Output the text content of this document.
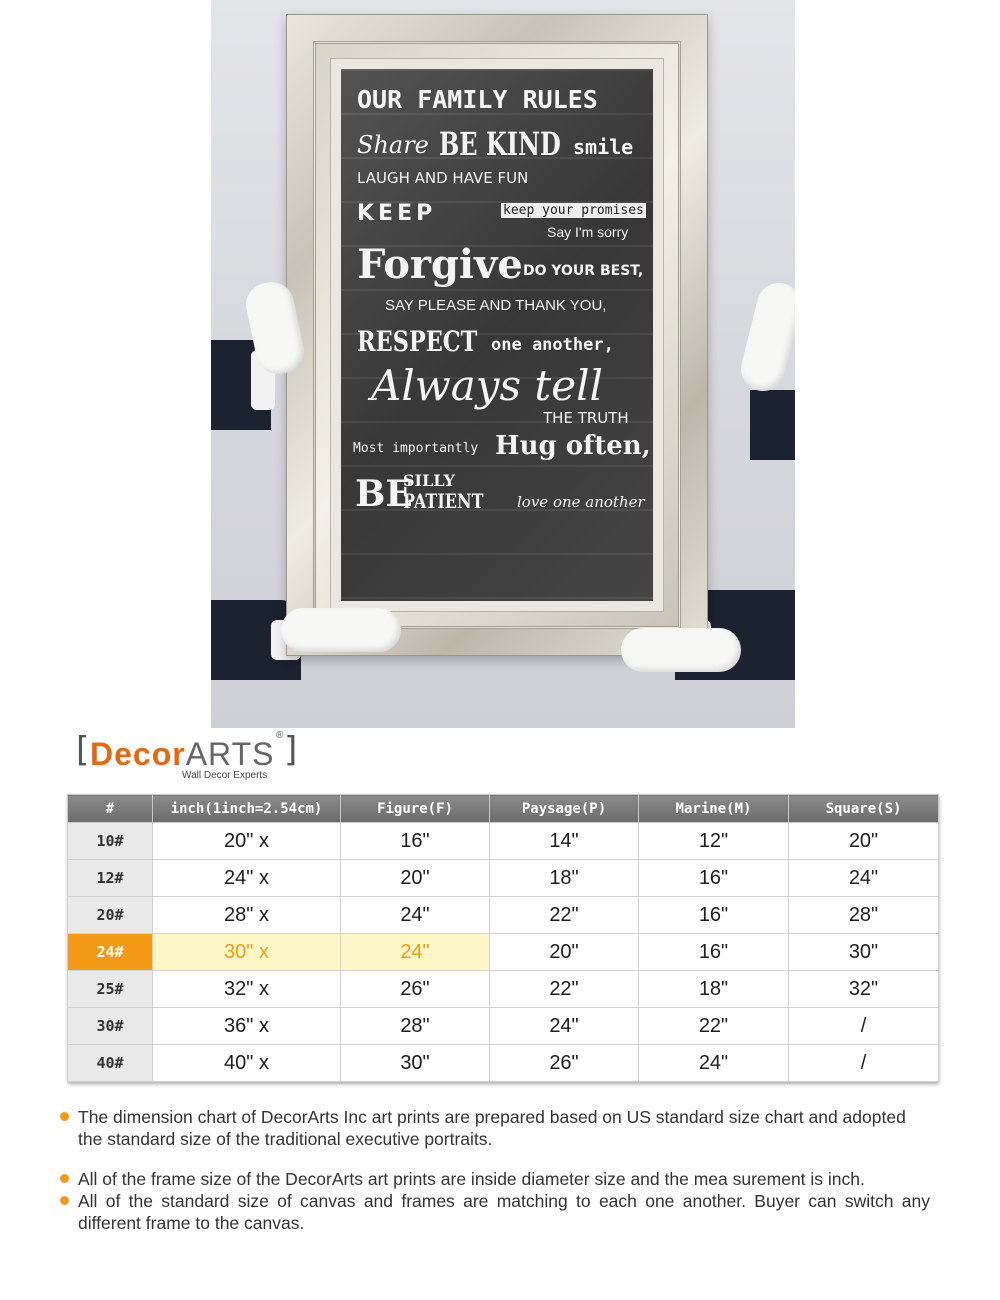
OUR FAMILY RULES
Share BE KIND smile
LAUGH AND HAVE FUN
KEEP	keep your promises
Say I'm sorry
Forgive DO YOUR BEST,
SAY PLEASE AND THANK YOU,
RESPECT one another,
Always tell
THE TRUTH
Most importantly Hug often,
BE
SILLY
PATIENT love one another
[ DecorARTS ]
®
Wall Decor Experts
#	inch(1inch=2.54cm)	Figure(F)	Paysage(P)	Marine(M)	Square(S)
10#	20" x	16"	14"	12"	20"
12#	24" x	20"	18"	16"	24"
20#	28" x	24"	22"	16"	28"
24#	30" x	24"	20"	16"	30"
25#	32" x	26"	22"	18"	32"
30#	36" x	28"	24"	22"	/
40#	40" x	30"	26"	24"	/
The dimension chart of DecorArts Inc art prints are prepared based on US standard size chart and adopted the standard size of the traditional executive portraits.
All of the frame size of the DecorArts art prints are inside diameter size and the mea surement is inch.
All of the standard size of canvas and frames are matching to each one another. Buyer can switch any different frame to the canvas.
